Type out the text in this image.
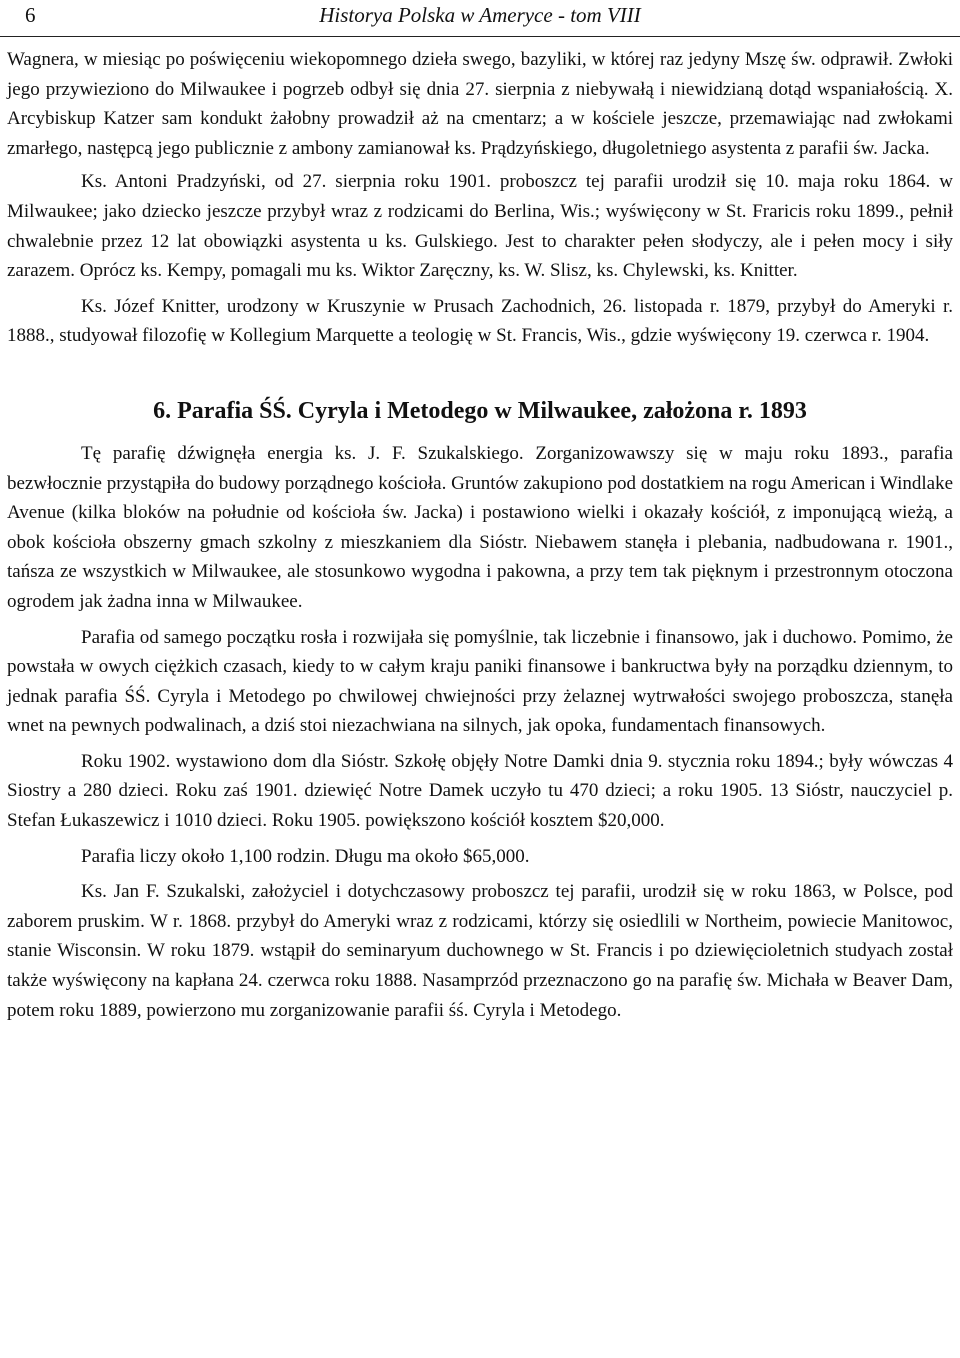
6	Historya Polska w Ameryce - tom VIII

Wagnera, w miesiąc po poświęceniu wiekopomnego dzieła swego, bazyliki, w której raz jedyny Mszę św. odprawił. Zwłoki jego przywieziono do Milwaukee i pogrzeb odbył się dnia 27. sierpnia z niebywałą i niewidzianą dotąd wspaniałością. X. Arcybiskup Katzer sam kondukt żałobny prowadził aż na cmentarz; a w kościele jeszcze, przemawiając nad zwłokami zmarłego, następcą jego publicznie z ambony zamianował ks. Prądzyńskiego, długoletniego asystenta z parafii św. Jacka.

Ks. Antoni Pradzyński, od 27. sierpnia roku 1901. proboszcz tej parafii urodził się 10. maja roku 1864. w Milwaukee; jako dziecko jeszcze przybył wraz z rodzicami do Berlina, Wis.; wyświęcony w St. Fraricis roku 1899., pełnił chwalebnie przez 12 lat obowiązki asystenta u ks. Gulskiego. Jest to charakter pełen słodyczy, ale i pełen mocy i siły zarazem. Oprócz ks. Kempy, pomagali mu ks. Wiktor Zaręczny, ks. W. Slisz, ks. Chylewski, ks. Knitter.

Ks. Józef Knitter, urodzony w Kruszynie w Prusach Zachodnich, 26. listopada r. 1879, przybył do Ameryki r. 1888., studyował filozofię w Kollegium Marquette a teologię w St. Francis, Wis., gdzie wyświęcony 19. czerwca r. 1904.

6. Parafia ŚŚ. Cyryla i Metodego w Milwaukee, założona r. 1893

Tę parafię dźwignęła energia ks. J. F. Szukalskiego. Zorganizowawszy się w maju roku 1893., parafia bezwłocznie przystąpiła do budowy porządnego kościoła. Gruntów zakupiono pod dostatkiem na rogu American i Windlake Avenue (kilka bloków na południe od kościoła św. Jacka) i postawiono wielki i okazały kościół, z imponującą wieżą, a obok kościoła obszerny gmach szkolny z mieszkaniem dla Sióstr. Niebawem stanęła i plebania, nadbudowana r. 1901., tańsza ze wszystkich w Milwaukee, ale stosunkowo wygodna i pakowna, a przy tem tak pięknym i przestronnym otoczona ogrodem jak żadna inna w Milwaukee.

Parafia od samego początku rosła i rozwijała się pomyślnie, tak liczebnie i finansowo, jak i duchowo. Pomimo, że powstała w owych ciężkich czasach, kiedy to w całym kraju paniki finansowe i bankructwa były na porządku dziennym, to jednak parafia ŚŚ. Cyryla i Metodego po chwilowej chwiejności przy żelaznej wytrwałości swojego proboszcza, stanęła wnet na pewnych podwalinach, a dziś stoi niezachwiana na silnych, jak opoka, fundamentach finansowych.

Roku 1902. wystawiono dom dla Sióstr. Szkołę objęły Notre Damki dnia 9. stycznia roku 1894.; były wówczas 4 Siostry a 280 dzieci. Roku zaś 1901. dziewięć Notre Damek uczyło tu 470 dzieci; a roku 1905. 13 Sióstr, nauczyciel p. Stefan Łukaszewicz i 1010 dzieci. Roku 1905. powiększono kościół kosztem $20,000.

Parafia liczy około 1,100 rodzin. Długu ma około $65,000.

Ks. Jan F. Szukalski, założyciel i dotychczasowy proboszcz tej parafii, urodził się w roku 1863, w Polsce, pod zaborem pruskim. W r. 1868. przybył do Ameryki wraz z rodzicami, którzy się osiedlili w Northeim, powiecie Manitowoc, stanie Wisconsin. W roku 1879. wstąpił do seminaryum duchownego w St. Francis i po dziewięcioletnich studyach został także wyświęcony na kapłana 24. czerwca roku 1888. Nasamprzód przeznaczono go na parafię św. Michała w Beaver Dam, potem roku 1889, powierzono mu zorganizowanie parafii śś. Cyryla i Metodego.
